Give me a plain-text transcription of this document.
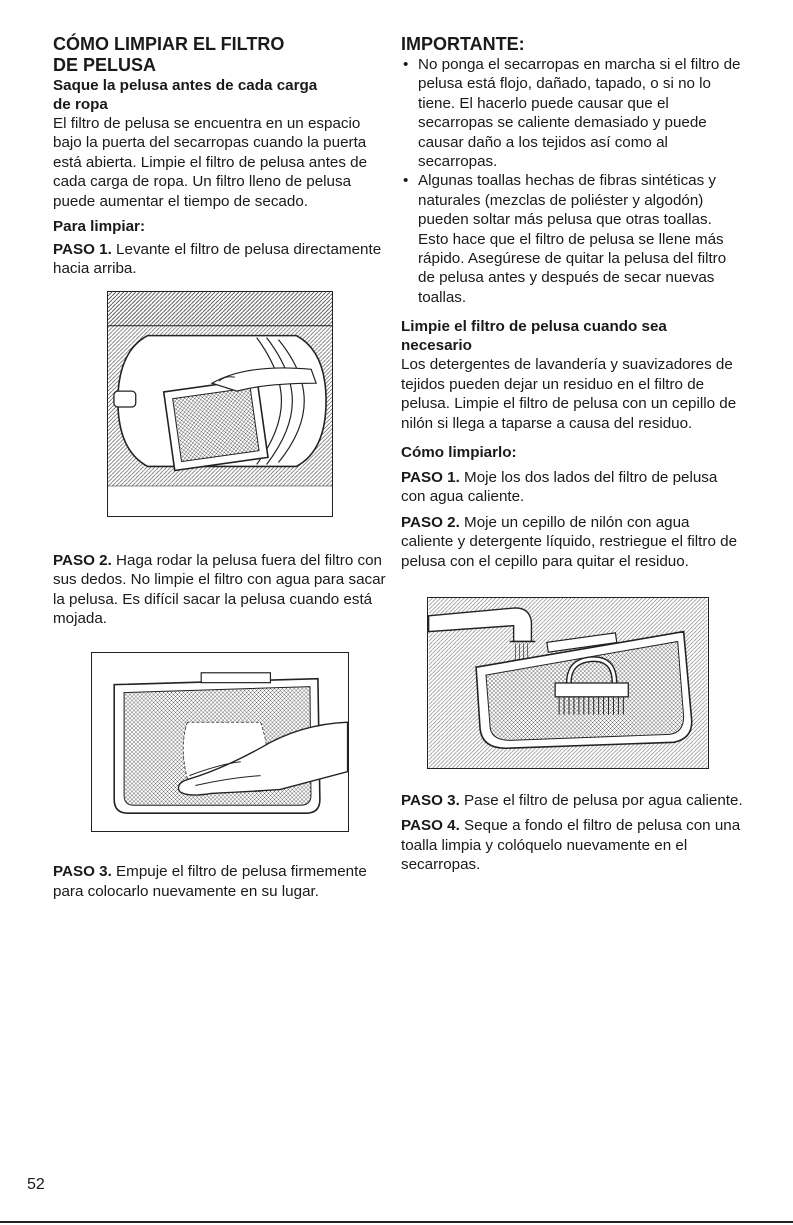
CÓMO LIMPIAR EL FILTRO
DE PELUSA
Saque la pelusa antes de cada carga
de ropa

El filtro de pelusa se encuentra en un espacio bajo la puerta del secarropas cuando la puerta está abierta. Limpie el filtro de pelusa antes de cada carga de ropa. Un filtro lleno de pelusa puede aumentar el tiempo de secado.

Para limpiar:

PASO 1. Levante el filtro de pelusa directamente hacia arriba.

PASO 2. Haga rodar la pelusa fuera del filtro con sus dedos. No limpie el filtro con agua para sacar la pelusa. Es difícil sacar la pelusa cuando está mojada.

PASO 3. Empuje el filtro de pelusa firmemente para colocarlo nuevamente en su lugar.

IMPORTANTE:
• No ponga el secarropas en marcha si el filtro de pelusa está flojo, dañado, tapado, o si no lo tiene. El hacerlo puede causar que el secarropas se caliente demasiado y puede causar daño a los tejidos así como al secarropas.
• Algunas toallas hechas de fibras sintéticas y naturales (mezclas de poliéster y algodón) pueden soltar más pelusa que otras toallas. Esto hace que el filtro de pelusa se llene más rápido. Asegúrese de quitar la pelusa del filtro de pelusa antes y después de secar nuevas toallas.
Limpie el filtro de pelusa cuando sea
necesario

Los detergentes de lavandería y suavizadores de tejidos pueden dejar un residuo en el filtro de pelusa. Limpie el filtro de pelusa con un cepillo de nilón si llega a taparse a causa del residuo.

Cómo limpiarlo:

PASO 1. Moje los dos lados del filtro de pelusa con agua caliente.

PASO 2. Moje un cepillo de nilón con agua caliente y detergente líquido, restriegue el filtro de pelusa con el cepillo para quitar el residuo.

PASO 3. Pase el filtro de pelusa por agua caliente.

PASO 4. Seque a fondo el filtro de pelusa con una toalla limpia y colóquelo nuevamente en el secarropas.

52
